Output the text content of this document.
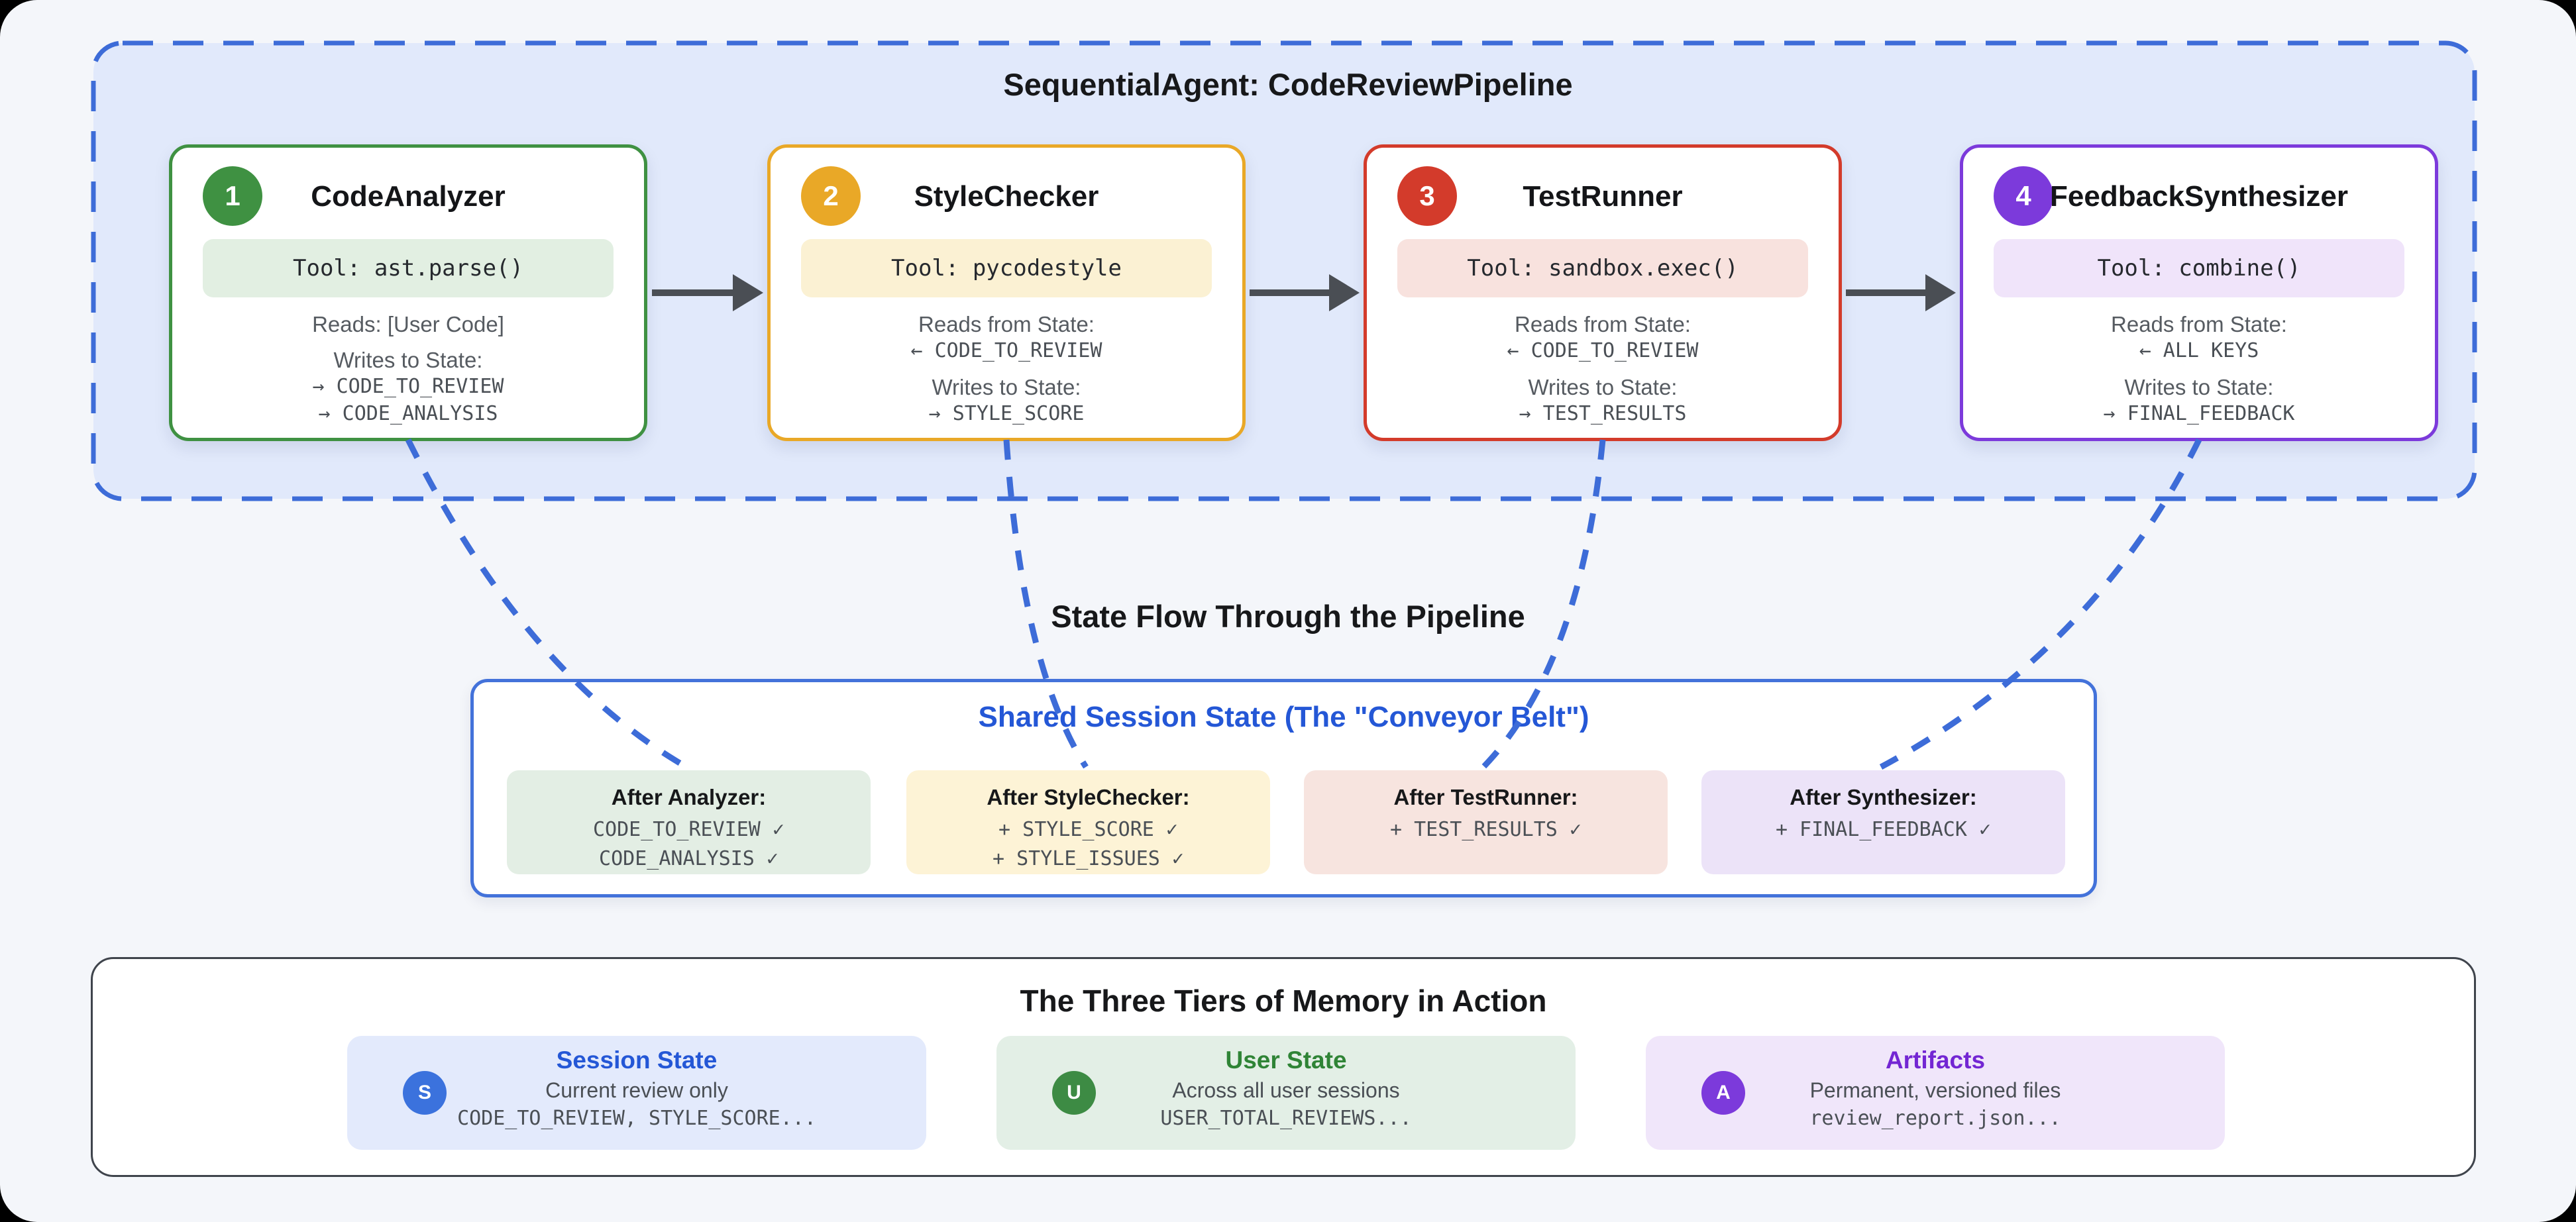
SequentialAgent: CodeReviewPipeline
1	CodeAnalyzer
Tool: ast.parse()
Reads: [User Code]
Writes to State:
→ CODE_TO_REVIEW
→ CODE_ANALYSIS
2	StyleChecker
Tool: pycodestyle
Reads from State:
← CODE_TO_REVIEW
Writes to State:
→ STYLE_SCORE
3	TestRunner
Tool: sandbox.exec()
Reads from State:
← CODE_TO_REVIEW
Writes to State:
→ TEST_RESULTS
4 FeedbackSynthesizer
Tool: combine()
Reads from State:
← ALL KEYS
Writes to State:
→ FINAL_FEEDBACK
State Flow Through the Pipeline
Shared Session State (The "Conveyor Belt")
After Analyzer:
CODE_TO_REVIEW ✓
CODE_ANALYSIS ✓
After StyleChecker:
+ STYLE_SCORE ✓
+ STYLE_ISSUES ✓
After TestRunner:
+ TEST_RESULTS ✓
After Synthesizer:
+ FINAL_FEEDBACK ✓
The Three Tiers of Memory in Action
S
Session State
Current review only
CODE_TO_REVIEW, STYLE_SCORE...
U
User State
Across all user sessions
USER_TOTAL_REVIEWS...
A
Artifacts
Permanent, versioned files
review_report.json...
